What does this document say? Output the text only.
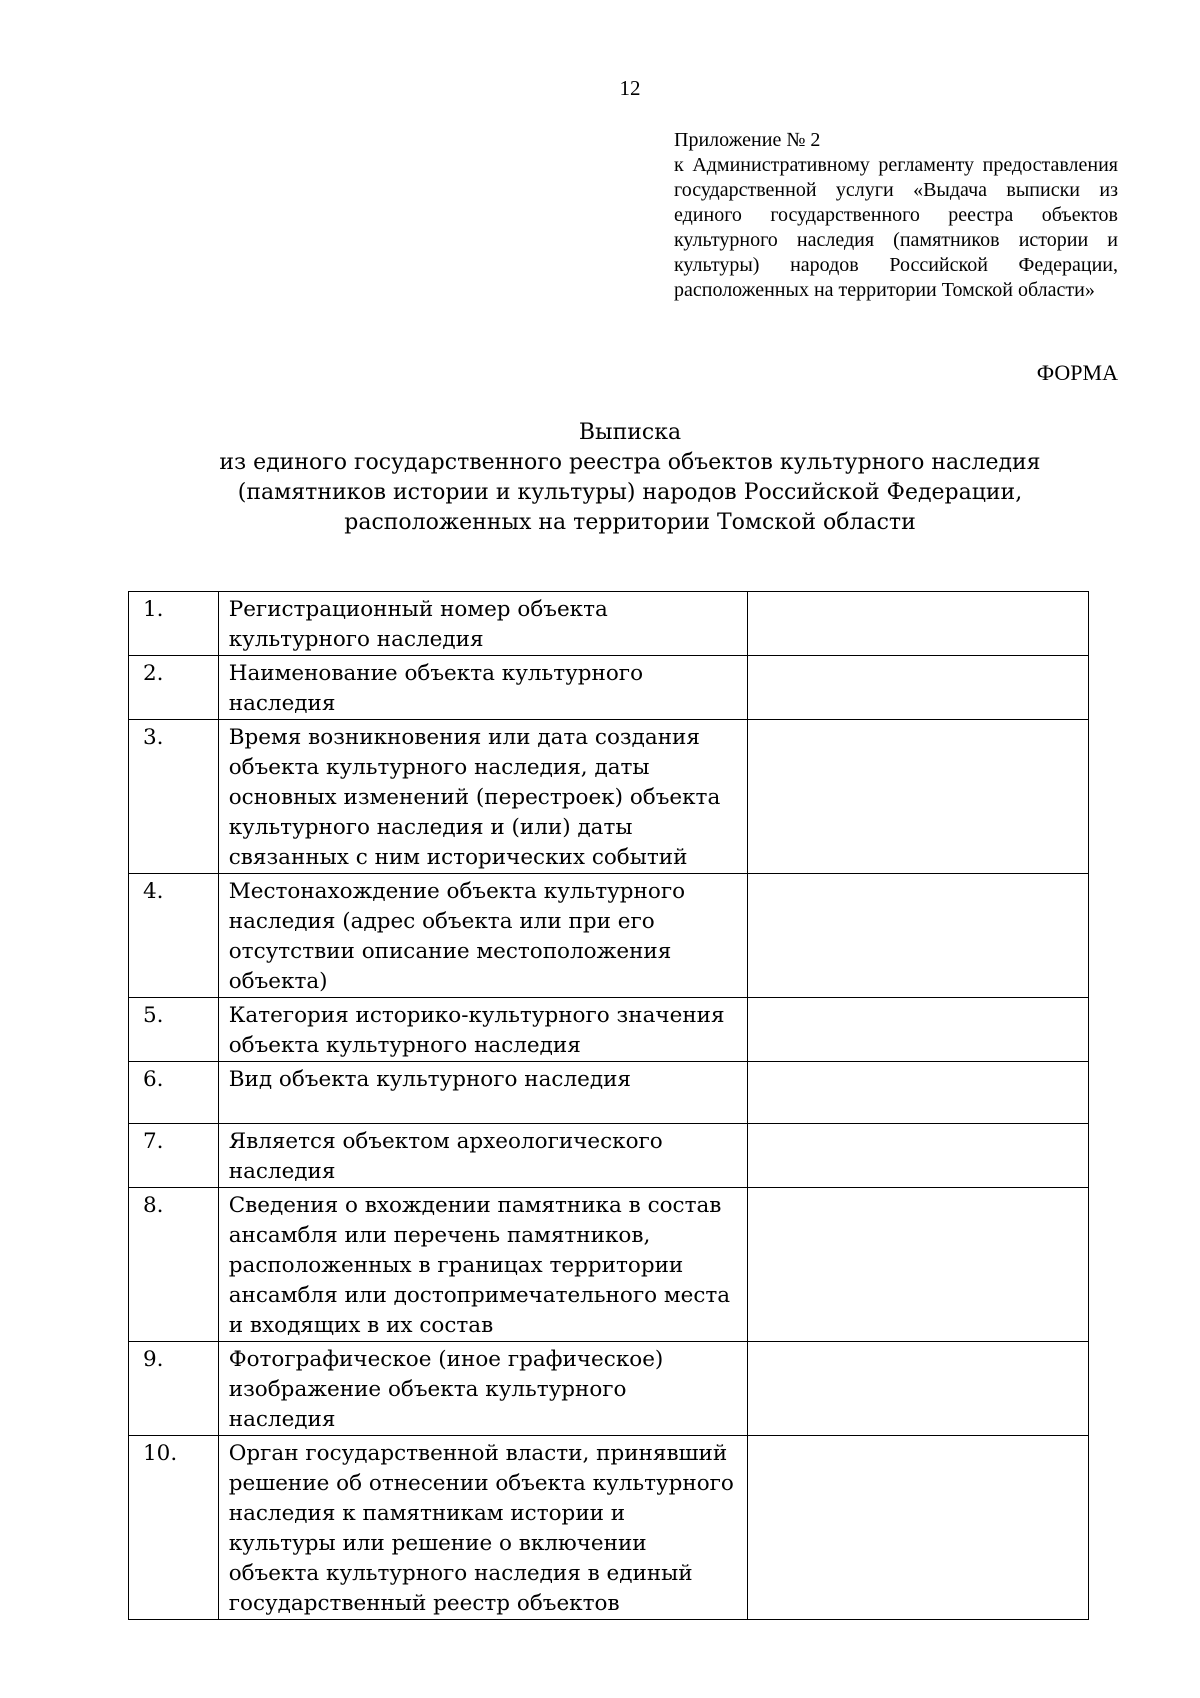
12
Приложение № 2
к Административному регламенту предоставления государственной услуги «Выдача выписки из единого государственного реестра объектов культурного наследия (памятников истории и культуры) народов Российской Федерации, расположенных на территории Томской области»
ФОРМА
Выписка
из единого государственного реестра объектов культурного наследия
(памятников истории и культуры) народов Российской Федерации,
расположенных на территории Томской области
1.	Регистрационный номер объекта культурного наследия	
2.	Наименование объекта культурного наследия	
3.	Время возникновения или дата создания объекта культурного наследия, даты основных изменений (перестроек) объекта культурного наследия и (или) даты связанных с ним исторических событий	
4.	Местонахождение объекта культурного наследия (адрес объекта или при его отсутствии описание местоположения объекта)	
5.	Категория историко-культурного значения объекта культурного наследия	
6.	Вид объекта культурного наследия	
7.	Является объектом археологического наследия	
8.	Сведения о вхождении памятника в состав ансамбля или перечень памятников, расположенных в границах территории ансамбля или достопримечательного места и входящих в их состав	
9.	Фотографическое (иное графическое) изображение объекта культурного наследия	
10.	Орган государственной власти, принявший решение об отнесении объекта культурного наследия к памятникам истории и культуры или решение о включении объекта культурного наследия в единый государственный реестр объектов	
